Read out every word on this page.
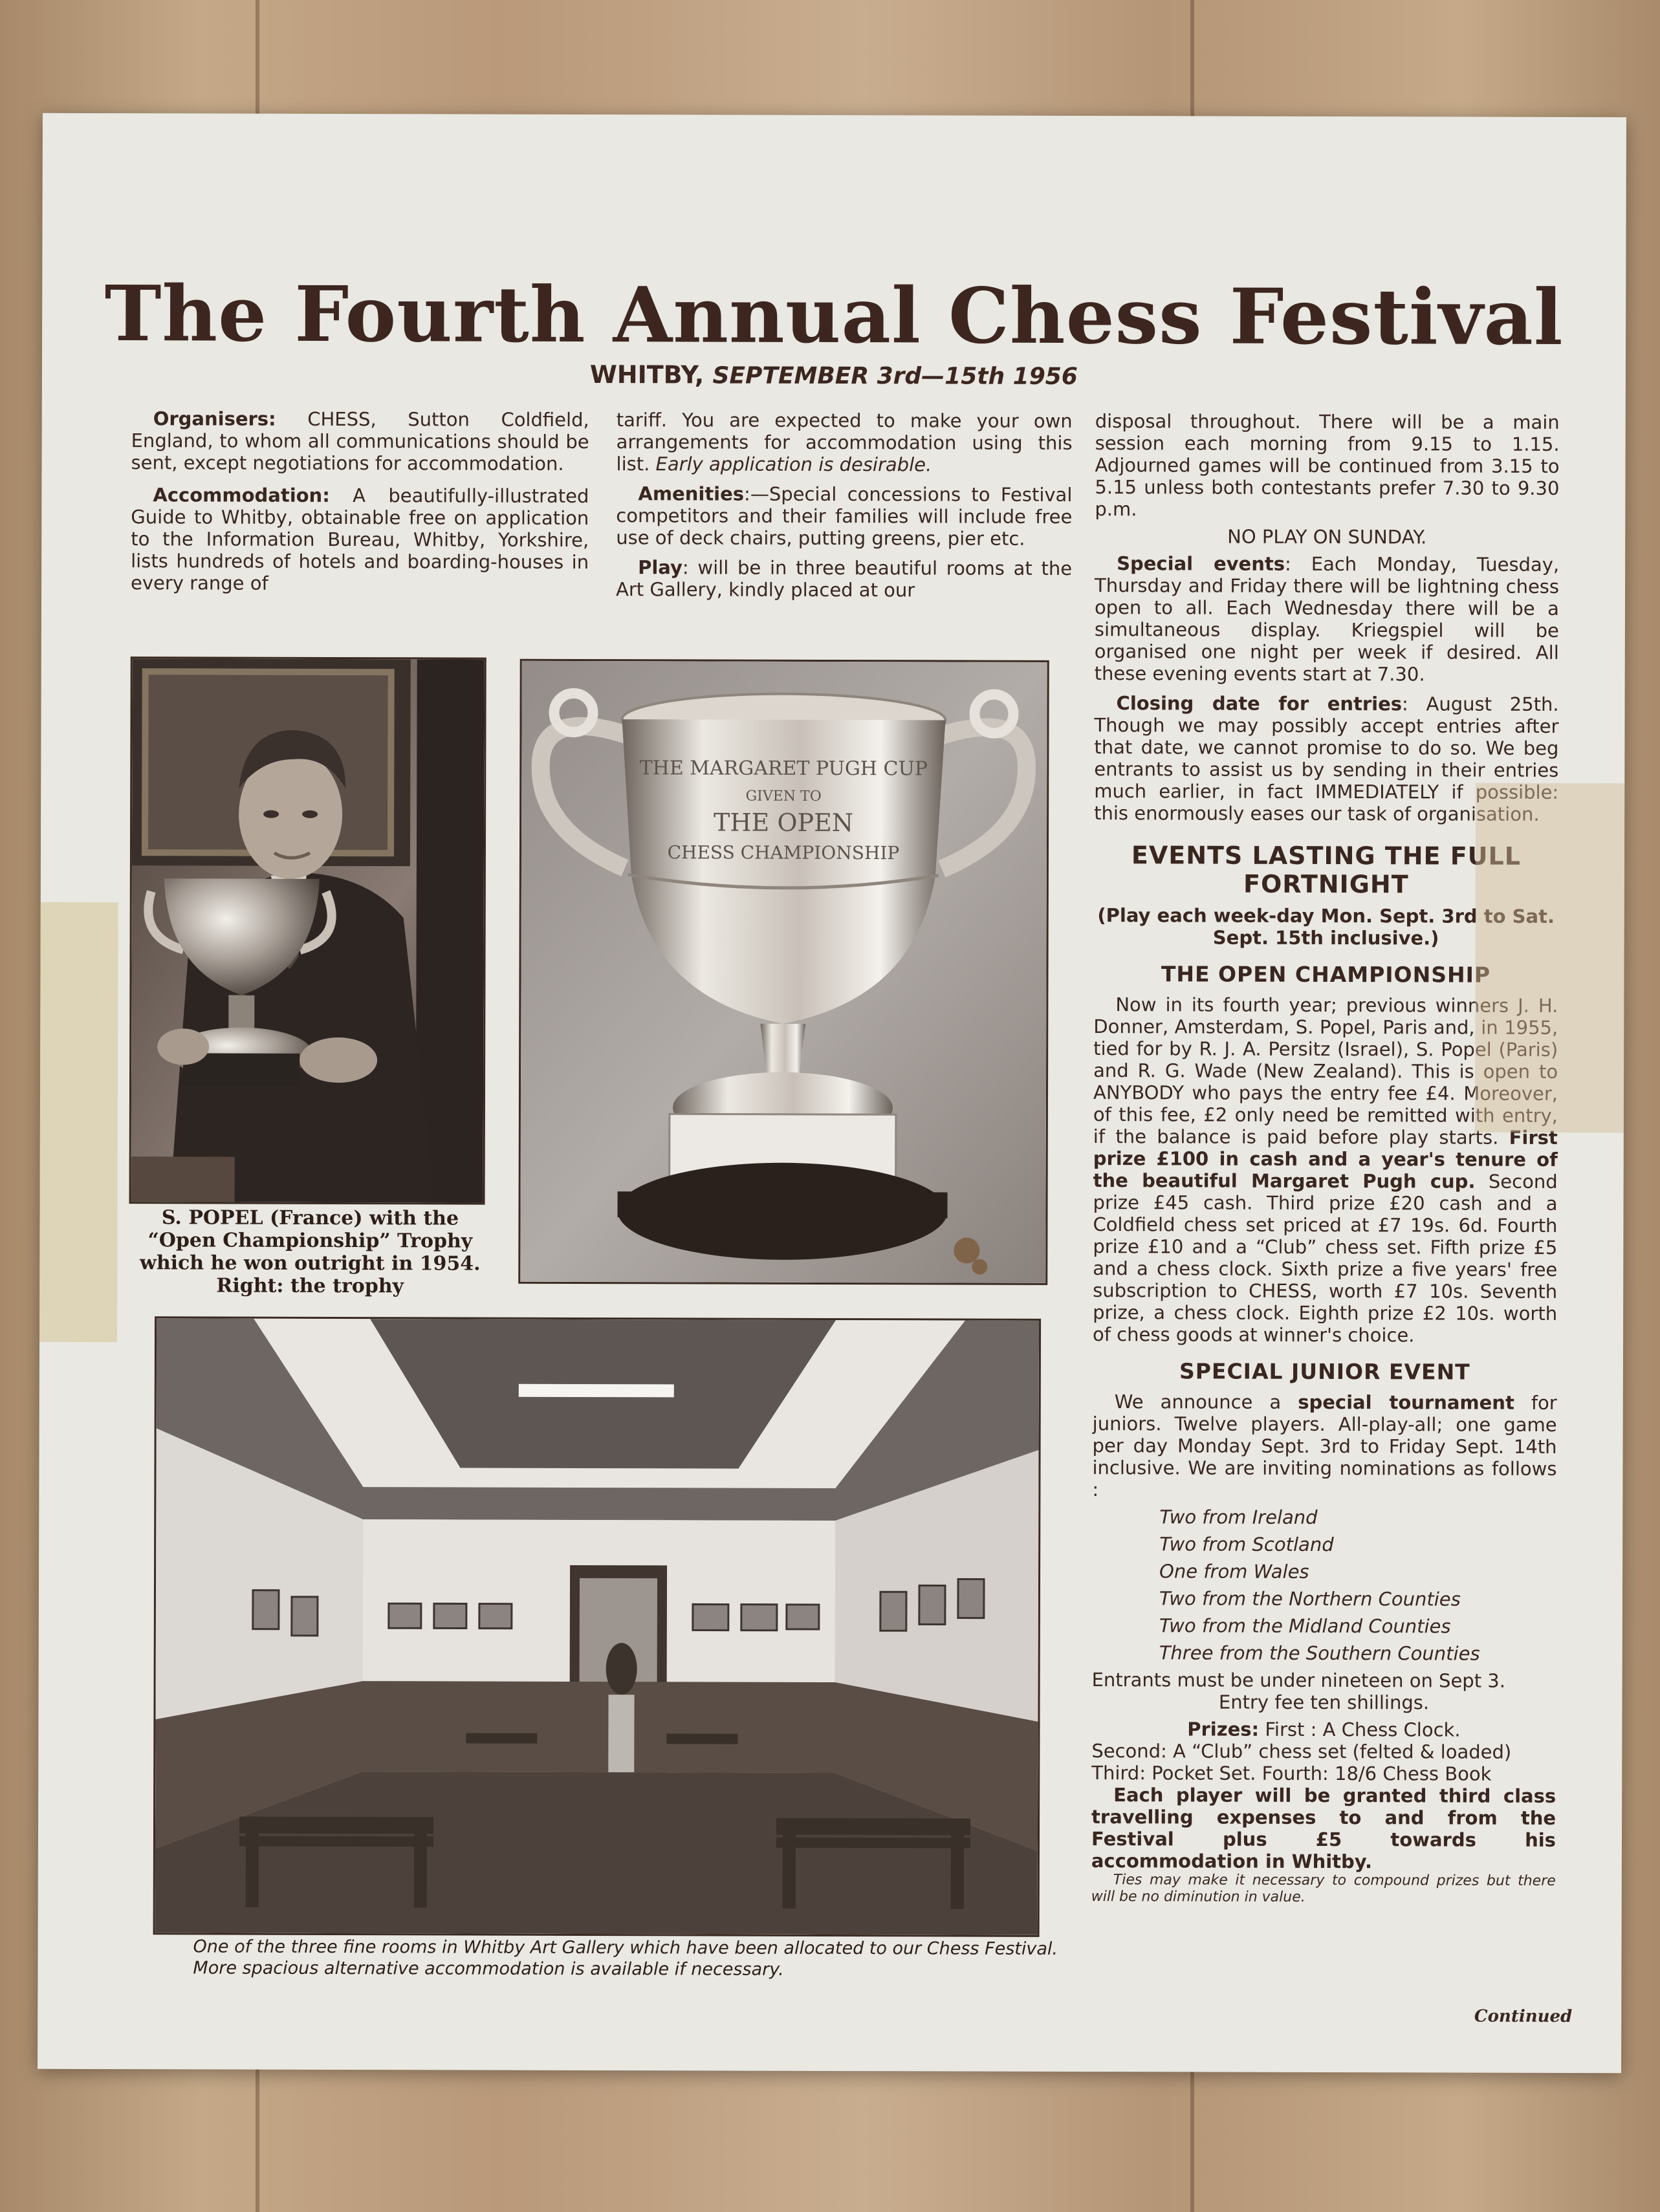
The Fourth Annual Chess Festival
WHITBY, SEPTEMBER 3rd—15th 1956

Organisers: CHESS, Sutton Coldfield, England, to whom all communications should be sent, except negotiations for accommodation.

Accommodation: A beautifully-illustrated Guide to Whitby, obtainable free on application to the Information Bureau, Whitby, Yorkshire, lists hundreds of hotels and boarding-houses in every range of

tariff. You are expected to make your own arrangements for accommodation using this list. Early application is desirable.

Amenities:—Special concessions to Festival competitors and their families will include free use of deck chairs, putting greens, pier etc.

Play: will be in three beautiful rooms at the Art Gallery, kindly placed at our

disposal throughout. There will be a main session each morning from 9.15 to 1.15. Adjourned games will be continued from 3.15 to 5.15 unless both contestants prefer 7.30 to 9.30 p.m.

NO PLAY ON SUNDAY.

Special events: Each Monday, Tuesday, Thursday and Friday there will be lightning chess open to all. Each Wednesday there will be a simultaneous display. Kriegspiel will be organised one night per week if desired. All these evening events start at 7.30.

Closing date for entries: August 25th. Though we may possibly accept entries after that date, we cannot promise to do so. We beg entrants to assist us by sending in their entries much earlier, in fact IMMEDIATELY if possible: this enormously eases our task of organisation.

EVENTS LASTING THE FULL FORTNIGHT
(Play each week-day Mon. Sept. 3rd to Sat. Sept. 15th inclusive.)
THE OPEN CHAMPIONSHIP

Now in its fourth year; previous winners J. H. Donner, Amsterdam, S. Popel, Paris and, in 1955, tied for by R. J. A. Persitz (Israel), S. Popel (Paris) and R. G. Wade (New Zealand). This is open to ANYBODY who pays the entry fee £4. Moreover, of this fee, £2 only need be remitted with entry, if the balance is paid before play starts. First prize £100 in cash and a year's tenure of the beautiful Margaret Pugh cup. Second prize £45 cash. Third prize £20 cash and a Coldfield chess set priced at £7 19s. 6d. Fourth prize £10 and a “Club” chess set. Fifth prize £5 and a chess clock. Sixth prize a five years' free subscription to CHESS, worth £7 10s. Seventh prize, a chess clock. Eighth prize £2 10s. worth of chess goods at winner's choice.

SPECIAL JUNIOR EVENT

We announce a special tournament for juniors. Twelve players. All-play-all; one game per day Monday Sept. 3rd to Friday Sept. 14th inclusive. We are inviting nominations as follows :

Two from Ireland

Two from Scotland

One from Wales

Two from the Northern Counties

Two from the Midland Counties

Three from the Southern Counties

Entrants must be under nineteen on Sept 3.

Entry fee ten shillings.

Prizes: First : A Chess Clock.

Second: A “Club” chess set (felted & loaded)

Third: Pocket Set. Fourth: 18/6 Chess Book

Each player will be granted third class travelling expenses to and from the Festival plus £5 towards his accommodation in Whitby.

Ties may make it necessary to compound prizes but there will be no diminution in value.

THE MARGARET PUGH CUP
GIVEN TO
THE OPEN
CHESS CHAMPIONSHIP
S. POPEL (France) with the “Open Championship” Trophy which he won outright in 1954. Right: the trophy
One of the three fine rooms in Whitby Art Gallery which have been allocated to our Chess Festival. More spacious alternative accommodation is available if necessary.
Continued
